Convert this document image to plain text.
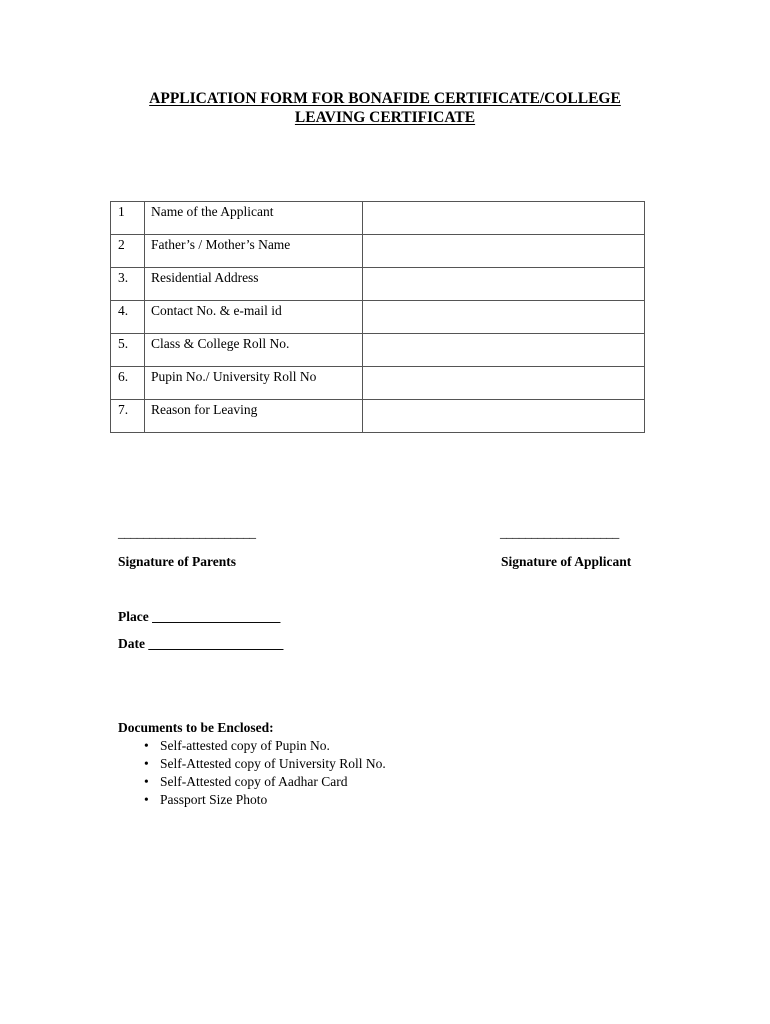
APPLICATION FORM FOR BONAFIDE CERTIFICATE/COLLEGE
LEAVING CERTIFICATE
1	Name of the Applicant	
2	Father’s / Mother’s Name	
3.	Residential Address	
4.	Contact No. & e-mail id	
5.	Class & College Roll No.	
6.	Pupin No./ University Roll No	
7.	Reason for Leaving	
______________________	___________________
Signature of Parents	Signature of Applicant
Place ___________________
Date ____________________
Documents to be Enclosed:
• Self-attested copy of Pupin No.
• Self-Attested copy of University Roll No.
• Self-Attested copy of Aadhar Card
• Passport Size Photo
